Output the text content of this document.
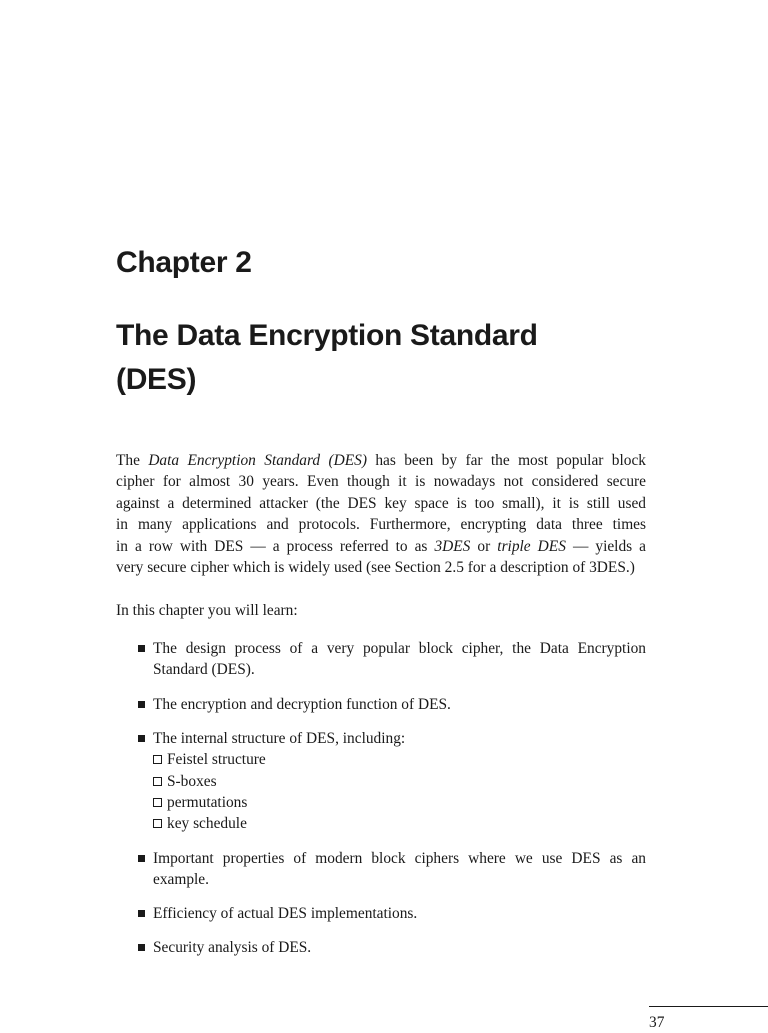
Chapter 2
The Data Encryption Standard
(DES)

The Data Encryption Standard (DES) has been by far the most popular block
cipher for almost 30 years. Even though it is nowadays not considered secure
against a determined attacker (the DES key space is too small), it is still used
in many applications and protocols. Furthermore, encrypting data three times
in a row with DES — a process referred to as 3DES or triple DES — yields a
very secure cipher which is widely used (see Section 2.5 for a description of 3DES.)

In this chapter you will learn:

The design process of a very popular block cipher, the Data Encryption
Standard (DES).
The encryption and decryption function of DES.
The internal structure of DES, including:
Feistel structure
S-boxes
permutations
key schedule
Important properties of modern block ciphers where we use DES as an
example.
Efficiency of actual DES implementations.
Security analysis of DES.

37
